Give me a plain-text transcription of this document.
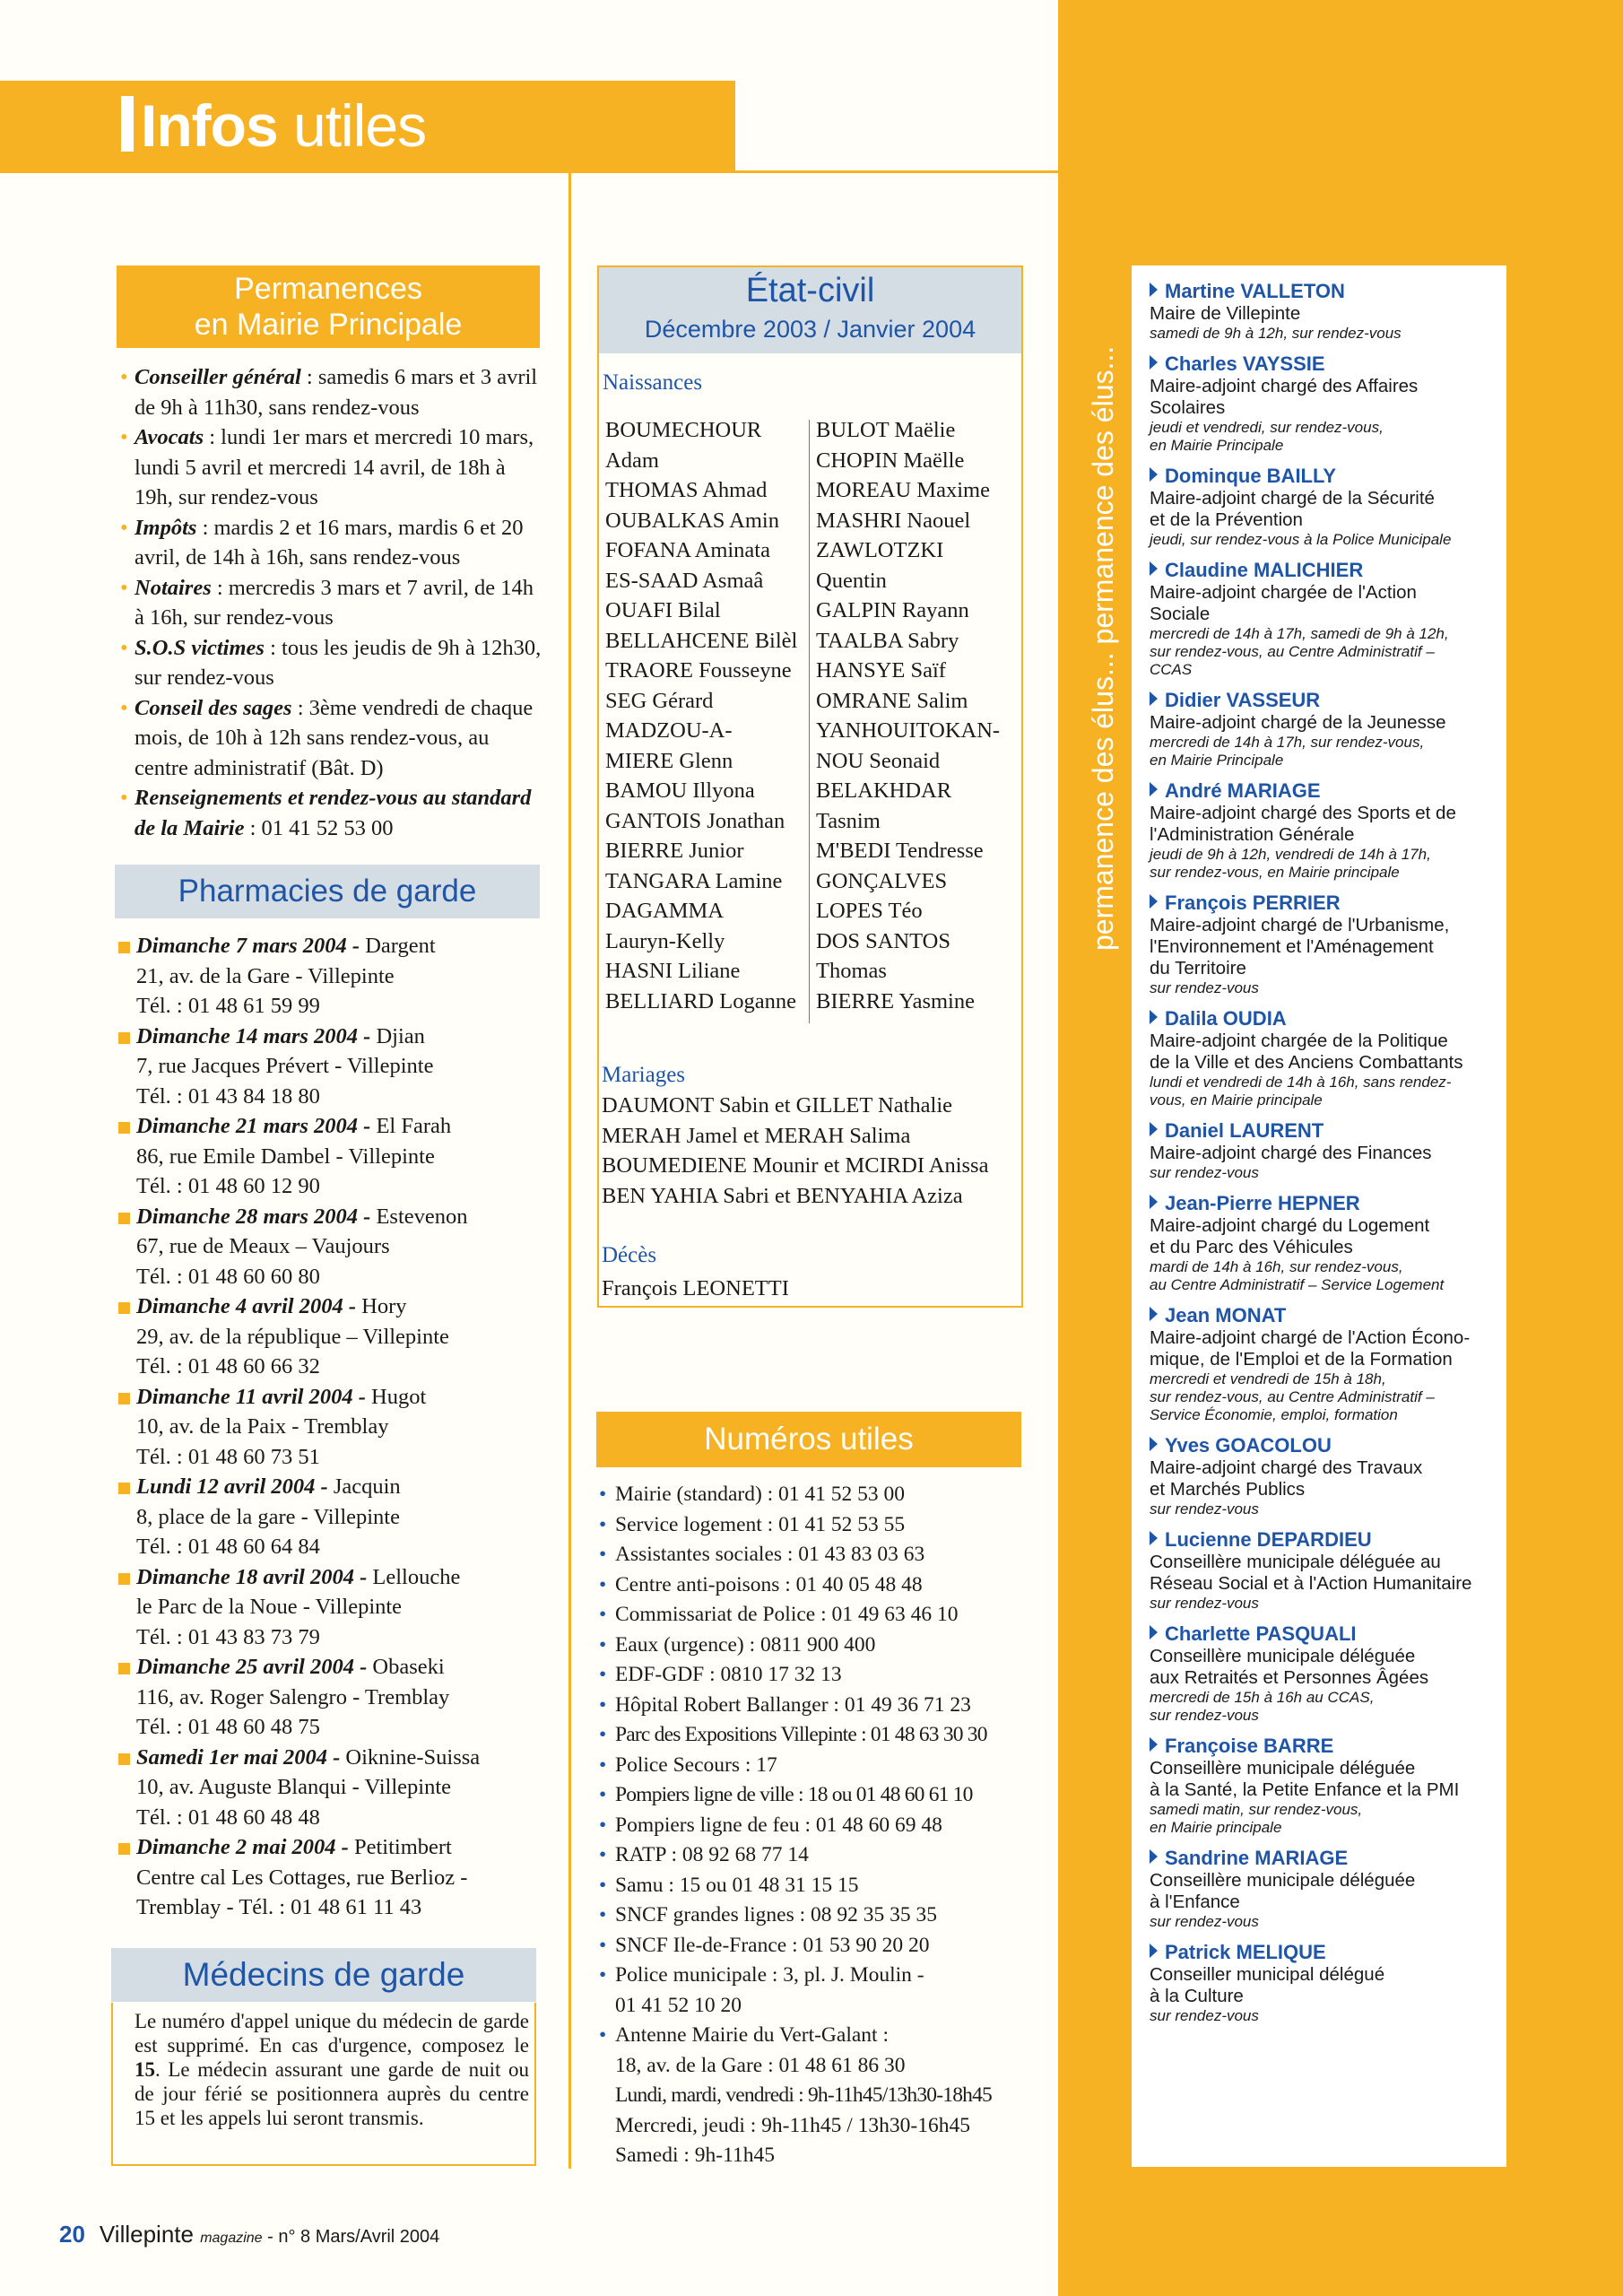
Infos utiles
permanence des élus... permanence des élus...
Permanences
en Mairie Principale
• Conseiller général : samedis 6 mars et 3 avril de 9h à 11h30, sans rendez-vous
• Avocats : lundi 1er mars et mercredi 10 mars, lundi 5 avril et mercredi 14 avril, de 18h à 19h, sur rendez-vous
• Impôts : mardis 2 et 16 mars, mardis 6 et 20 avril, de 14h à 16h, sans rendez-vous
• Notaires : mercredis 3 mars et 7 avril, de 14h à 16h, sur rendez-vous
• S.O.S victimes : tous les jeudis de 9h à 12h30, sur rendez-vous
• Conseil des sages : 3ème vendredi de chaque mois, de 10h à 12h sans rendez-vous, au centre administratif (Bât. D)
• Renseignements et rendez-vous au standard de la Mairie : 01 41 52 53 00
Pharmacies de garde
Dimanche 7 mars 2004 - Dargent
21, av. de la Gare - Villepinte
Tél. : 01 48 61 59 99
Dimanche 14 mars 2004 - Djian
7, rue Jacques Prévert - Villepinte
Tél. : 01 43 84 18 80
Dimanche 21 mars 2004 - El Farah
86, rue Emile Dambel - Villepinte
Tél. : 01 48 60 12 90
Dimanche 28 mars 2004 - Estevenon
67, rue de Meaux – Vaujours
Tél. : 01 48 60 60 80
Dimanche 4 avril 2004 - Hory
29, av. de la république – Villepinte
Tél. : 01 48 60 66 32
Dimanche 11 avril 2004 - Hugot
10, av. de la Paix - Tremblay
Tél. : 01 48 60 73 51
Lundi 12 avril 2004 - Jacquin
8, place de la gare - Villepinte
Tél. : 01 48 60 64 84
Dimanche 18 avril 2004 - Lellouche
le Parc de la Noue - Villepinte
Tél. : 01 43 83 73 79
Dimanche 25 avril 2004 - Obaseki
116, av. Roger Salengro - Tremblay
Tél. : 01 48 60 48 75
Samedi 1er mai 2004 - Oiknine-Suissa
10, av. Auguste Blanqui - Villepinte
Tél. : 01 48 60 48 48
Dimanche 2 mai 2004 - Petitimbert
Centre cal Les Cottages, rue Berlioz -
Tremblay - Tél. : 01 48 61 11 43
Médecins de garde
Le numéro d'appel unique du médecin de garde est supprimé. En cas d'urgence, composez le 15. Le médecin assurant une garde de nuit ou de jour férié se positionnera auprès du centre 15 et les appels lui seront transmis.
État-civil
Décembre 2003 / Janvier 2004
Naissances
BOUMECHOUR
Adam
THOMAS Ahmad
OUBALKAS Amin
FOFANA Aminata
ES-SAAD Asmaâ
OUAFI Bilal
BELLAHCENE Bilèl
TRAORE Fousseyne
SEG Gérard
MADZOU-A-
MIERE Glenn
BAMOU Illyona
GANTOIS Jonathan
BIERRE Junior
TANGARA Lamine
DAGAMMA
Lauryn-Kelly
HASNI Liliane
BELLIARD Loganne
BULOT Maëlie
CHOPIN Maëlle
MOREAU Maxime
MASHRI Naouel
ZAWLOTZKI
Quentin
GALPIN Rayann
TAALBA Sabry
HANSYE Saïf
OMRANE Salim
YANHOUITOKAN-
NOU Seonaid
BELAKHDAR
Tasnim
M'BEDI Tendresse
GONÇALVES
LOPES Téo
DOS SANTOS
Thomas
BIERRE Yasmine
Mariages
DAUMONT Sabin et GILLET Nathalie
MERAH Jamel et MERAH Salima
BOUMEDIENE Mounir et MCIRDI Anissa
BEN YAHIA Sabri et BENYAHIA Aziza
Décès
François LEONETTI
Numéros utiles
• Mairie (standard) : 01 41 52 53 00
• Service logement : 01 41 52 53 55
• Assistantes sociales : 01 43 83 03 63
• Centre anti-poisons : 01 40 05 48 48
• Commissariat de Police : 01 49 63 46 10
• Eaux (urgence) : 0811 900 400
• EDF-GDF : 0810 17 32 13
• Hôpital Robert Ballanger : 01 49 36 71 23
• Parc des Expositions Villepinte : 01 48 63 30 30
• Police Secours : 17
• Pompiers ligne de ville : 18 ou 01 48 60 61 10
• Pompiers ligne de feu : 01 48 60 69 48
• RATP : 08 92 68 77 14
• Samu : 15 ou 01 48 31 15 15
• SNCF grandes lignes : 08 92 35 35 35
• SNCF Ile-de-France : 01 53 90 20 20
• Police municipale : 3, pl. J. Moulin -
01 41 52 10 20
• Antenne Mairie du Vert-Galant :
18, av. de la Gare : 01 48 61 86 30
Lundi, mardi, vendredi : 9h-11h45/13h30-18h45
Mercredi, jeudi : 9h-11h45 / 13h30-16h45
Samedi : 9h-11h45
Martine VALLETON
Maire de Villepinte
samedi de 9h à 12h, sur rendez-vous
Charles VAYSSIE
Maire-adjoint chargé des Affaires
Scolaires
jeudi et vendredi, sur rendez-vous,
en Mairie Principale
Dominque BAILLY
Maire-adjoint chargé de la Sécurité
et de la Prévention
jeudi, sur rendez-vous à la Police Municipale
Claudine MALICHIER
Maire-adjoint chargée de l'Action
Sociale
mercredi de 14h à 17h, samedi de 9h à 12h,
sur rendez-vous, au Centre Administratif –
CCAS
Didier VASSEUR
Maire-adjoint chargé de la Jeunesse
mercredi de 14h à 17h, sur rendez-vous,
en Mairie Principale
André MARIAGE
Maire-adjoint chargé des Sports et de
l'Administration Générale
jeudi de 9h à 12h, vendredi de 14h à 17h,
sur rendez-vous, en Mairie principale
François PERRIER
Maire-adjoint chargé de l'Urbanisme,
l'Environnement et l'Aménagement
du Territoire
sur rendez-vous
Dalila OUDIA
Maire-adjoint chargée de la Politique
de la Ville et des Anciens Combattants
lundi et vendredi de 14h à 16h, sans rendez-
vous, en Mairie principale
Daniel LAURENT
Maire-adjoint chargé des Finances
sur rendez-vous
Jean-Pierre HEPNER
Maire-adjoint chargé du Logement
et du Parc des Véhicules
mardi de 14h à 16h, sur rendez-vous,
au Centre Administratif – Service Logement
Jean MONAT
Maire-adjoint chargé de l'Action Écono-
mique, de l'Emploi et de la Formation
mercredi et vendredi de 15h à 18h,
sur rendez-vous, au Centre Administratif –
Service Économie, emploi, formation
Yves GOACOLOU
Maire-adjoint chargé des Travaux
et Marchés Publics
sur rendez-vous
Lucienne DEPARDIEU
Conseillère municipale déléguée au
Réseau Social et à l'Action Humanitaire
sur rendez-vous
Charlette PASQUALI
Conseillère municipale déléguée
aux Retraités et Personnes Âgées
mercredi de 15h à 16h au CCAS,
sur rendez-vous
Françoise BARRE
Conseillère municipale déléguée
à la Santé, la Petite Enfance et la PMI
samedi matin, sur rendez-vous,
en Mairie principale
Sandrine MARIAGE
Conseillère municipale déléguée
à l'Enfance
sur rendez-vous
Patrick MELIQUE
Conseiller municipal délégué
à la Culture
sur rendez-vous
20 Villepinte magazine - n° 8 Mars/Avril 2004
